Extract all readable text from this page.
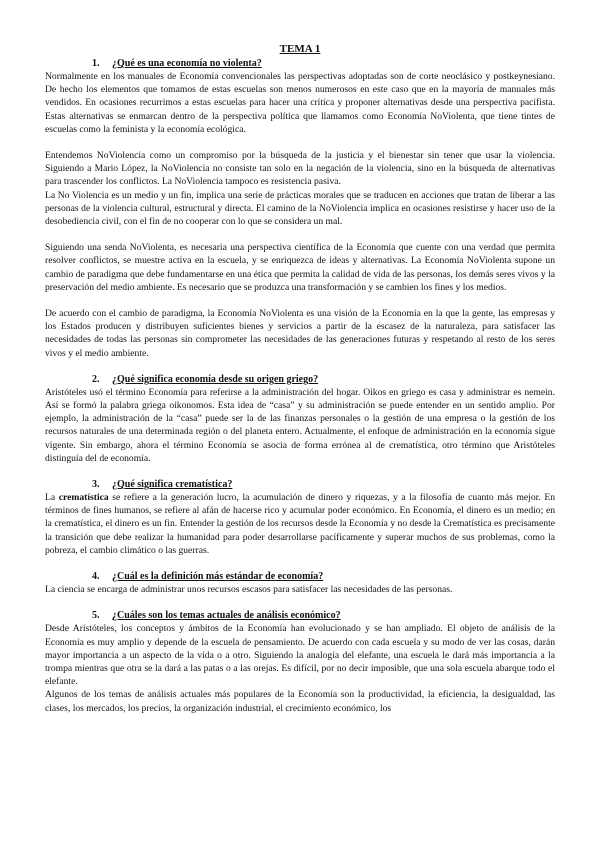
TEMA 1
1. ¿Qué es una economía no violenta?

Normalmente en los manuales de Economía convencionales las perspectivas adoptadas son de corte neoclásico y postkeynesiano. De hecho los elementos que tomamos de estas escuelas son menos numerosos en este caso que en la mayoría de manuales más vendidos. En ocasiones recurrimos a estas escuelas para hacer una crítica y proponer alternativas desde una perspectiva pacifista. Estas alternativas se enmarcan dentro de la perspectiva política que llamamos como Economía NoViolenta, que tiene tintes de escuelas como la feminista y la economía ecológica.

Entendemos NoViolencia como un compromiso por la búsqueda de la justicia y el bienestar sin tener que usar la violencia. Siguiendo a Mario López, la NoViolencia no consiste tan solo en la negación de la violencia, sino en la búsqueda de alternativas para trascender los conflictos. La NoViolencia tampoco es resistencia pasiva.

La No Violencia es un medio y un fin, implica una serie de prácticas morales que se traducen en acciones que tratan de liberar a las personas de la violencia cultural, estructural y directa. El camino de la NoViolencia implica en ocasiones resistirse y hacer uso de la desobediencia civil, con el fin de no cooperar con lo que se considera un mal.

Siguiendo una senda NoViolenta, es necesaria una perspectiva científica de la Economía que cuente con una verdad que permita resolver conflictos, se muestre activa en la escuela, y se enriquezca de ideas y alternativas. La Economía NoViolenta supone un cambio de paradigma que debe fundamentarse en una ética que permita la calidad de vida de las personas, los demás seres vivos y la preservación del medio ambiente. Es necesario que se produzca una transformación y se cambien los fines y los medios.

De acuerdo con el cambio de paradigma, la Economía NoViolenta es una visión de la Economía en la que la gente, las empresas y los Estados producen y distribuyen suficientes bienes y servicios a partir de la escasez de la naturaleza, para satisfacer las necesidades de todas las personas sin comprometer las necesidades de las generaciones futuras y respetando al resto de los seres vivos y el medio ambiente.

2. ¿Qué significa economía desde su origen griego?

Aristóteles usó el término Economía para referirse a la administración del hogar. Oikos en griego es casa y administrar es nemein. Así se formó la palabra griega oikonomos. Esta idea de “casa” y su administración se puede entender en un sentido amplio. Por ejemplo, la administración de la “casa” puede ser la de las finanzas personales o la gestión de una empresa o la gestión de los recursos naturales de una determinada región o del planeta entero. Actualmente, el enfoque de administración en la economía sigue vigente. Sin embargo, ahora el término Economía se asocia de forma errónea al de crematística, otro término que Aristóteles distinguía del de economía.

3. ¿Qué significa crematística?

La crematística se refiere a la generación lucro, la acumulación de dinero y riquezas, y a la filosofía de cuanto más mejor. En términos de fines humanos, se refiere al afán de hacerse rico y acumular poder económico. En Economía, el dinero es un medio; en la crematística, el dinero es un fin. Entender la gestión de los recursos desde la Economía y no desde la Crematística es precisamente la transición que debe realizar la humanidad para poder desarrollarse pacíficamente y superar muchos de sus problemas, como la pobreza, el cambio climático o las guerras.

4. ¿Cuál es la definición más estándar de economía?

La ciencia se encarga de administrar unos recursos escasos para satisfacer las necesidades de las personas.

5. ¿Cuáles son los temas actuales de análisis económico?

Desde Aristóteles, los conceptos y ámbitos de la Economía han evolucionado y se han ampliado. El objeto de análisis de la Economía es muy amplio y depende de la escuela de pensamiento. De acuerdo con cada escuela y su modo de ver las cosas, darán mayor importancia a un aspecto de la vida o a otro. Siguiendo la analogía del elefante, una escuela le dará más importancia a la trompa mientras que otra se la dará a las patas o a las orejas. Es difícil, por no decir imposible, que una sola escuela abarque todo el elefante.

Algunos de los temas de análisis actuales más populares de la Economía son la productividad, la eficiencia, la desigualdad, las clases, los mercados, los precios, la organización industrial, el crecimiento económico, los
